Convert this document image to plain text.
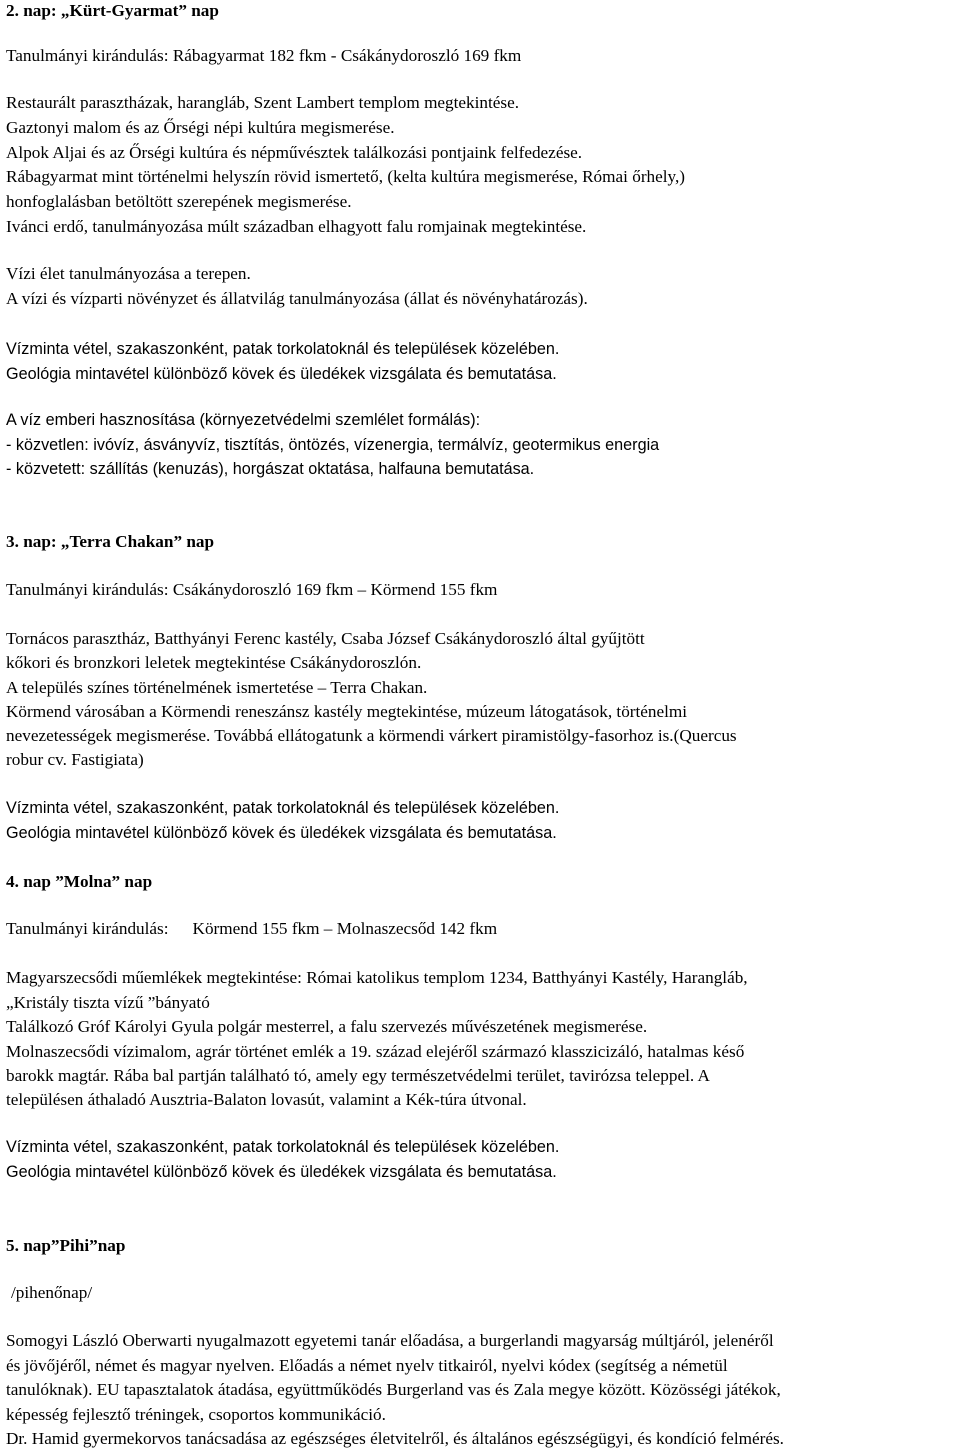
2. nap: „Kürt-Gyarmat” nap
Tanulmányi kirándulás: Rábagyarmat 182 fkm - Csákánydoroszló 169 fkm
Restaurált parasztházak, harangláb, Szent Lambert templom megtekintése.
Gaztonyi malom és az Őrségi népi kultúra megismerése.
Alpok Aljai és az Őrségi kultúra és népművésztek találkozási pontjaink felfedezése.
Rábagyarmat mint történelmi helyszín rövid ismertető, (kelta kultúra megismerése, Római őrhely,)
honfoglalásban betöltött szerepének megismerése.
Ivánci erdő, tanulmányozása múlt században elhagyott falu romjainak megtekintése.
Vízi élet tanulmányozása a terepen.
A vízi és vízparti növényzet és állatvilág tanulmányozása (állat és növényhatározás).
Vízminta vétel, szakaszonként, patak torkolatoknál és települések közelében.
Geológia mintavétel különböző kövek és üledékek vizsgálata és bemutatása.
A víz emberi hasznosítása (környezetvédelmi szemlélet formálás):
- közvetlen: ivóvíz, ásványvíz, tisztítás, öntözés, vízenergia, termálvíz, geotermikus energia
- közvetett: szállítás (kenuzás), horgászat oktatása, halfauna bemutatása.
3. nap: „Terra Chakan” nap
Tanulmányi kirándulás: Csákánydoroszló 169 fkm – Körmend 155 fkm
Tornácos parasztház, Batthyányi Ferenc kastély, Csaba József Csákánydoroszló által gyűjtött
kőkori és bronzkori leletek megtekintése Csákánydoroszlón.
A település színes történelmének ismertetése – Terra Chakan.
Körmend városában a Körmendi reneszánsz kastély megtekintése, múzeum látogatások, történelmi
nevezetességek megismerése. Továbbá ellátogatunk a körmendi várkert piramistölgy-fasorhoz is.(Quercus
robur cv. Fastigiata)
Vízminta vétel, szakaszonként, patak torkolatoknál és települések közelében.
Geológia mintavétel különböző kövek és üledékek vizsgálata és bemutatása.
4. nap ”Molna” nap
Tanulmányi kirándulás: Körmend 155 fkm – Molnaszecsőd 142 fkm
Magyarszecsődi műemlékek megtekintése: Római katolikus templom 1234, Batthyányi Kastély, Harangláb,
„Kristály tiszta vízű ”bányató
Találkozó Gróf Károlyi Gyula polgár mesterrel, a falu szervezés művészetének megismerése.
Molnaszecsődi vízimalom, agrár történet emlék a 19. század elejéről származó klasszicizáló, hatalmas késő
barokk magtár. Rába bal partján található tó, amely egy természetvédelmi terület, tavirózsa teleppel. A
településen áthaladó Ausztria-Balaton lovasút, valamint a Kék-túra útvonal.
Vízminta vétel, szakaszonként, patak torkolatoknál és települések közelében.
Geológia mintavétel különböző kövek és üledékek vizsgálata és bemutatása.
5. nap”Pihi”nap
/pihenőnap/
Somogyi László Oberwarti nyugalmazott egyetemi tanár előadása, a burgerlandi magyarság múltjáról, jelenéről
és jövőjéről, német és magyar nyelven. Előadás a német nyelv titkairól, nyelvi kódex (segítség a németül
tanulóknak). EU tapasztalatok átadása, együttműködés Burgerland vas és Zala megye között. Közösségi játékok,
képesség fejlesztő tréningek, csoportos kommunikáció.
Dr. Hamid gyermekorvos tanácsadása az egészséges életvitelről, és általános egészségügyi, és kondíció felmérés.
